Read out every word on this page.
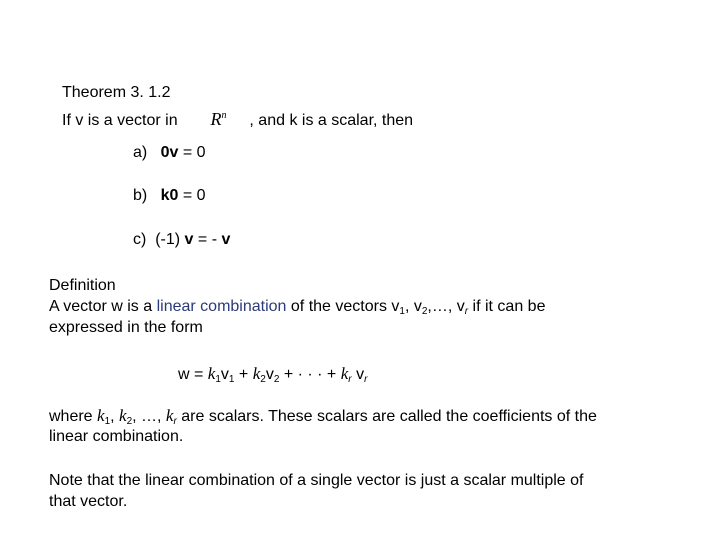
Theorem 3. 1.2
If v is a vector in $R^n$ , and k is a scalar, then
a) 0v = 0
b) k0 = 0
c) (-1) v = - v
Definition
A vector w is a linear combination of the vectors $v_1$, $v_2,\dots$, $v_r$ if it can be
expressed in the form
$w = k_1v_1 + k_2v_2$ + · · · + $k_r$ $v_r$
where $k_1$, $k_2$, …, $k_r$ are scalars. These scalars are called the coefficients of the
linear combination.
Note that the linear combination of a single vector is just a scalar multiple of
that vector.
